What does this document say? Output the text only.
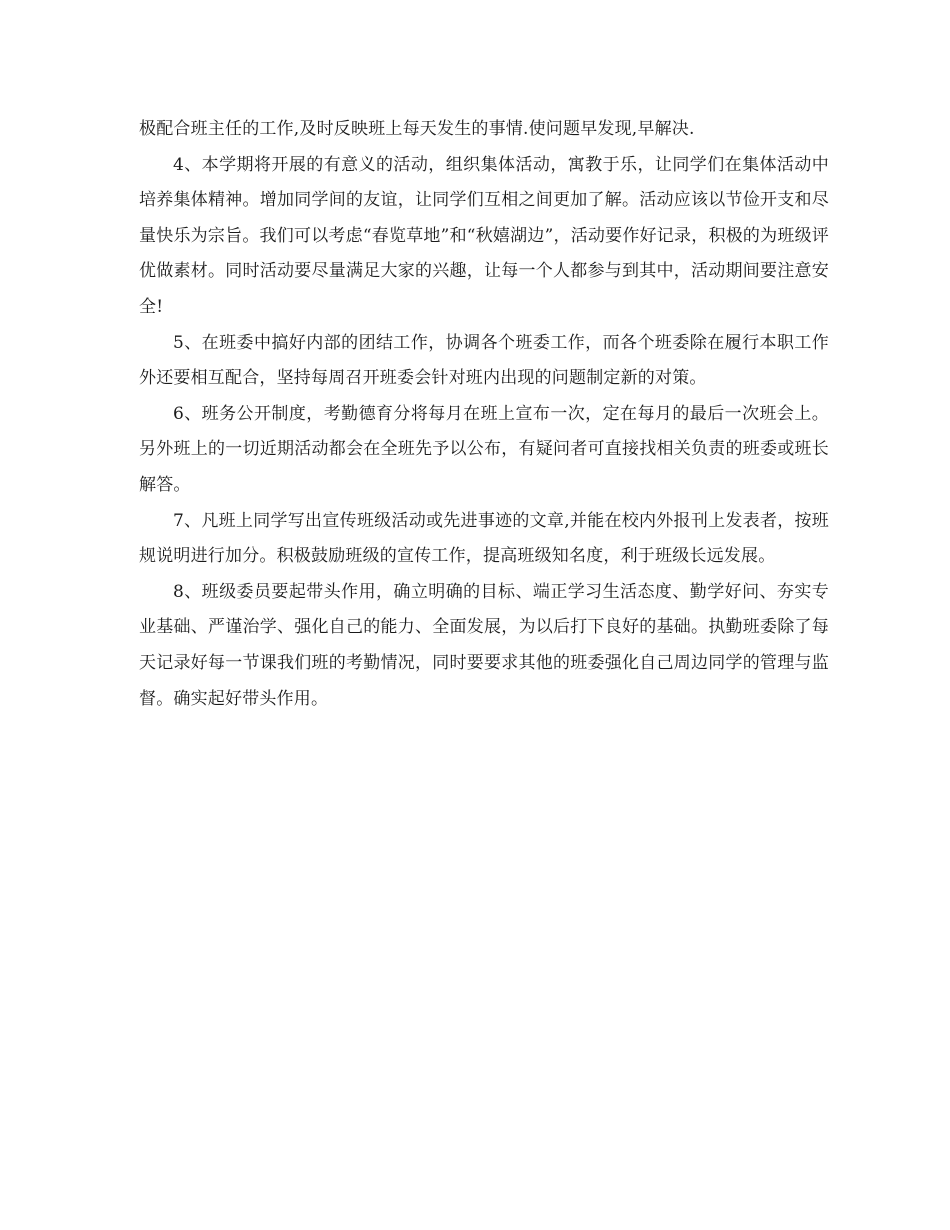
极配合班主任的工作,及时反映班上每天发生的事情.使问题早发现,早解决.

4、本学期将开展的有意义的活动，组织集体活动，寓教于乐，让同学们在集体活动中培养集体精神。增加同学间的友谊，让同学们互相之间更加了解。活动应该以节俭开支和尽量快乐为宗旨。我们可以考虑“春览草地”和“秋嬉湖边”，活动要作好记录，积极的为班级评优做素材。同时活动要尽量满足大家的兴趣，让每一个人都参与到其中，活动期间要注意安全!

5、在班委中搞好内部的团结工作，协调各个班委工作，而各个班委除在履行本职工作外还要相互配合，坚持每周召开班委会针对班内出现的问题制定新的对策。

6、班务公开制度，考勤德育分将每月在班上宣布一次，定在每月的最后一次班会上。另外班上的一切近期活动都会在全班先予以公布，有疑问者可直接找相关负责的班委或班长解答。

7、凡班上同学写出宣传班级活动或先进事迹的文章,并能在校内外报刊上发表者，按班规说明进行加分。积极鼓励班级的宣传工作，提高班级知名度，利于班级长远发展。

8、班级委员要起带头作用，确立明确的目标、端正学习生活态度、勤学好问、夯实专业基础、严谨治学、强化自己的能力、全面发展，为以后打下良好的基础。执勤班委除了每天记录好每一节课我们班的考勤情况，同时要要求其他的班委强化自己周边同学的管理与监督。确实起好带头作用。
